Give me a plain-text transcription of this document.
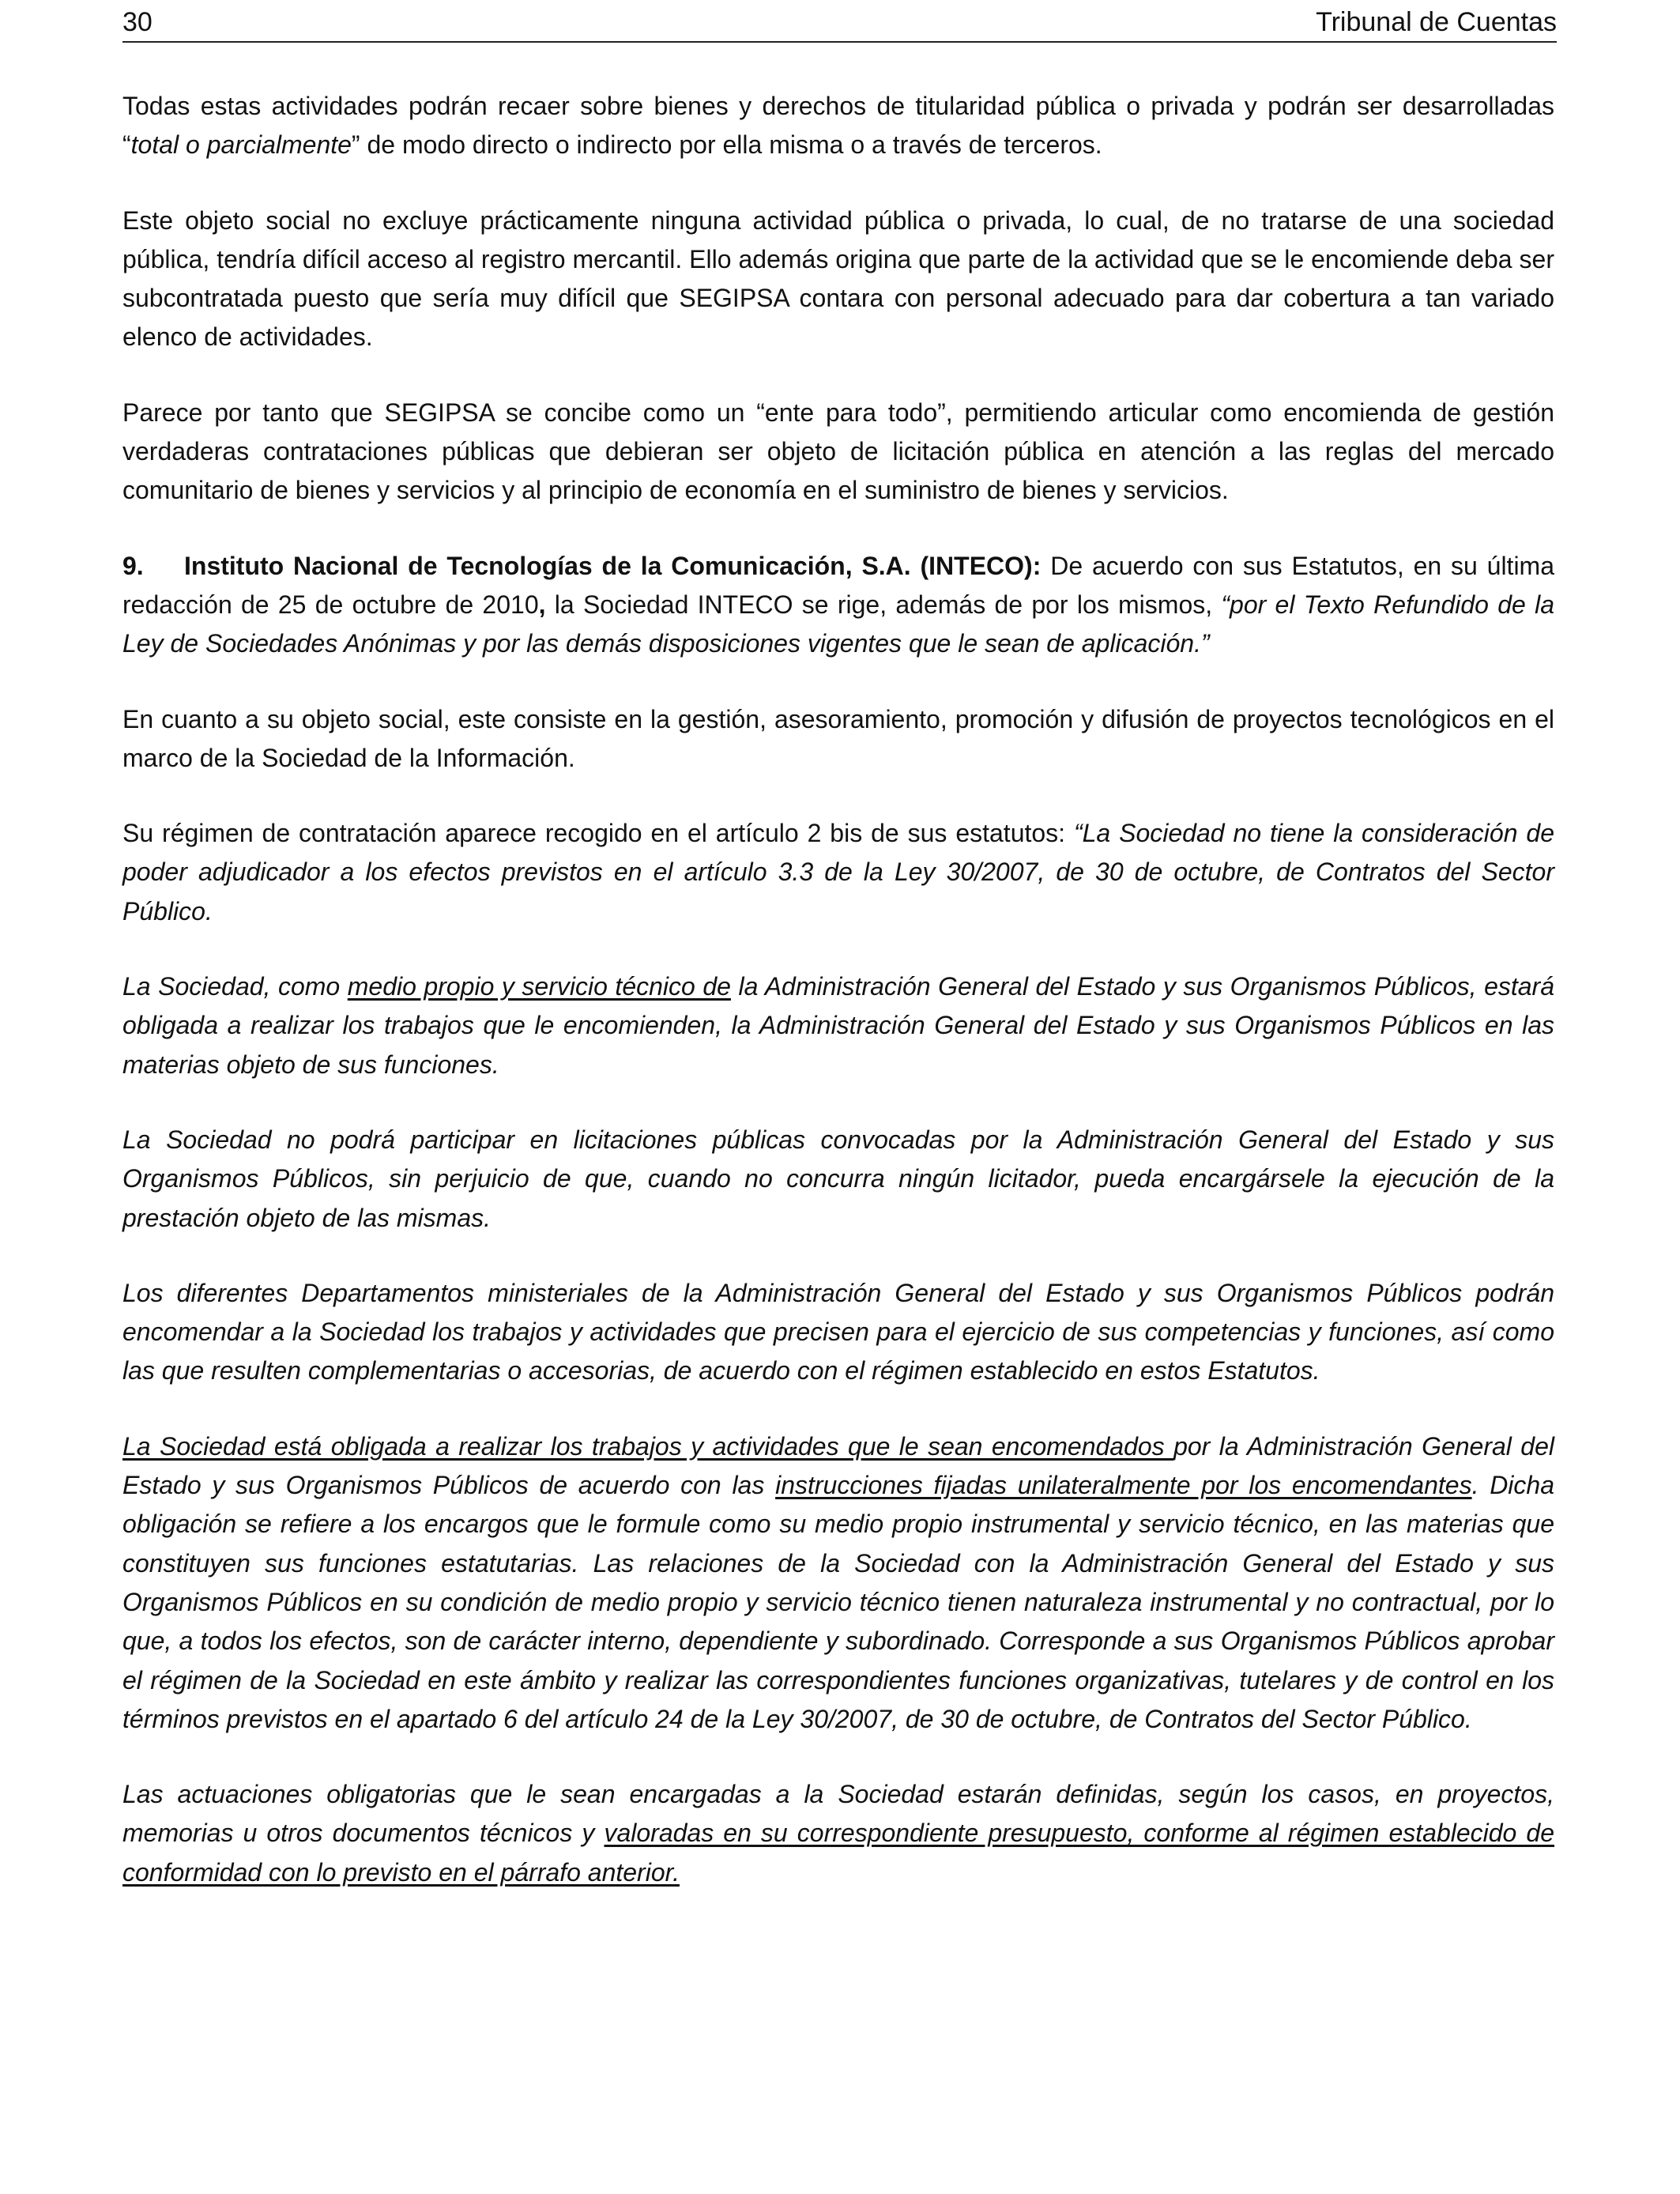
30	Tribunal de Cuentas

Todas estas actividades podrán recaer sobre bienes y derechos de titularidad pública o privada y podrán ser desarrolladas “total o parcialmente” de modo directo o indirecto por ella misma o a través de terceros.

Este objeto social no excluye prácticamente ninguna actividad pública o privada, lo cual, de no tratarse de una sociedad pública, tendría difícil acceso al registro mercantil. Ello además origina que parte de la actividad que se le encomiende deba ser subcontratada puesto que sería muy difícil que SEGIPSA contara con personal adecuado para dar cobertura a tan variado elenco de actividades.

Parece por tanto que SEGIPSA se concibe como un “ente para todo”, permitiendo articular como encomienda de gestión verdaderas contrataciones públicas que debieran ser objeto de licitación pública en atención a las reglas del mercado comunitario de bienes y servicios y al principio de economía en el suministro de bienes y servicios.

9. Instituto Nacional de Tecnologías de la Comunicación, S.A. (INTECO): De acuerdo con sus Estatutos, en su última redacción de 25 de octubre de 2010, la Sociedad INTECO se rige, además de por los mismos, “por el Texto Refundido de la Ley de Sociedades Anónimas y por las demás disposiciones vigentes que le sean de aplicación.”

En cuanto a su objeto social, este consiste en la gestión, asesoramiento, promoción y difusión de proyectos tecnológicos en el marco de la Sociedad de la Información.

Su régimen de contratación aparece recogido en el artículo 2 bis de sus estatutos: “La Sociedad no tiene la consideración de poder adjudicador a los efectos previstos en el artículo 3.3 de la Ley 30/2007, de 30 de octubre, de Contratos del Sector Público.

La Sociedad, como medio propio y servicio técnico de la Administración General del Estado y sus Organismos Públicos, estará obligada a realizar los trabajos que le encomienden, la Administración General del Estado y sus Organismos Públicos en las materias objeto de sus funciones.

La Sociedad no podrá participar en licitaciones públicas convocadas por la Administración General del Estado y sus Organismos Públicos, sin perjuicio de que, cuando no concurra ningún licitador, pueda encargársele la ejecución de la prestación objeto de las mismas.

Los diferentes Departamentos ministeriales de la Administración General del Estado y sus Organismos Públicos podrán encomendar a la Sociedad los trabajos y actividades que precisen para el ejercicio de sus competencias y funciones, así como las que resulten complementarias o accesorias, de acuerdo con el régimen establecido en estos Estatutos.

La Sociedad está obligada a realizar los trabajos y actividades que le sean encomendados por la Administración General del Estado y sus Organismos Públicos de acuerdo con las instrucciones fijadas unilateralmente por los encomendantes. Dicha obligación se refiere a los encargos que le formule como su medio propio instrumental y servicio técnico, en las materias que constituyen sus funciones estatutarias. Las relaciones de la Sociedad con la Administración General del Estado y sus Organismos Públicos en su condición de medio propio y servicio técnico tienen naturaleza instrumental y no contractual, por lo que, a todos los efectos, son de carácter interno, dependiente y subordinado. Corresponde a sus Organismos Públicos aprobar el régimen de la Sociedad en este ámbito y realizar las correspondientes funciones organizativas, tutelares y de control en los términos previstos en el apartado 6 del artículo 24 de la Ley 30/2007, de 30 de octubre, de Contratos del Sector Público.

Las actuaciones obligatorias que le sean encargadas a la Sociedad estarán definidas, según los casos, en proyectos, memorias u otros documentos técnicos y valoradas en su correspondiente presupuesto, conforme al régimen establecido de conformidad con lo previsto en el párrafo anterior.
